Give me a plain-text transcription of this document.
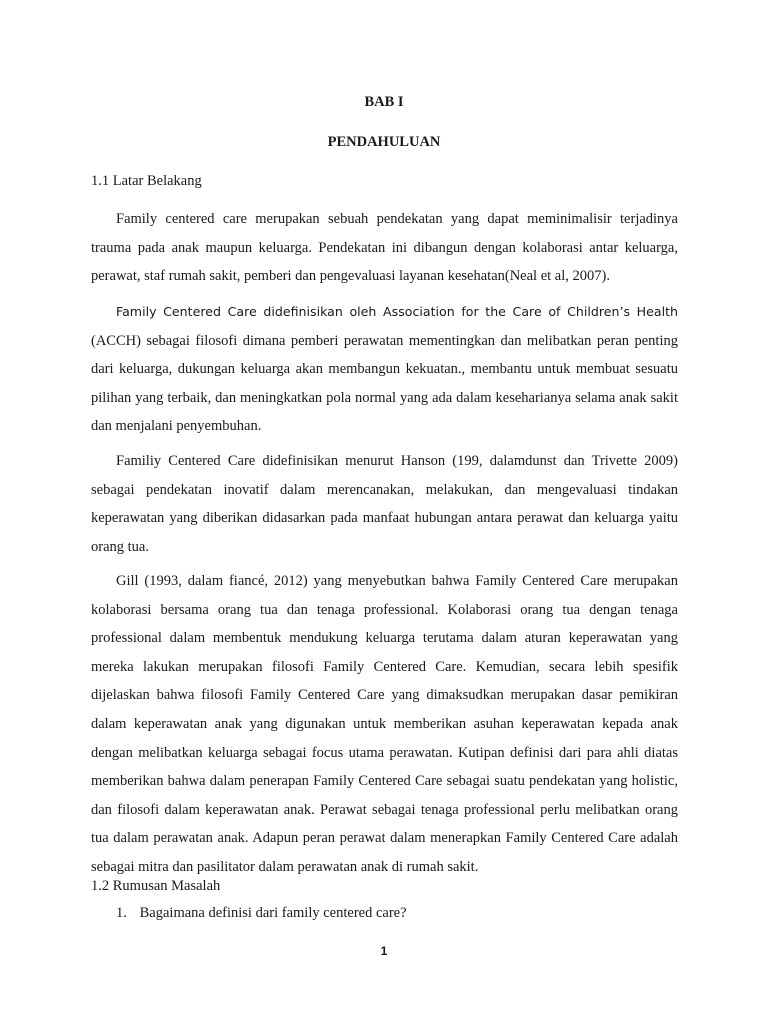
BAB I
PENDAHULUAN
1.1 Latar Belakang

Family centered care merupakan sebuah pendekatan yang dapat meminimalisir terjadinya trauma pada anak maupun keluarga. Pendekatan ini dibangun dengan kolaborasi antar keluarga, perawat, staf rumah sakit, pemberi dan pengevaluasi layanan kesehatan(Neal et al, 2007).

Family Centered Care didefinisikan oleh Association for the Care of Children’s Health (ACCH) sebagai filosofi dimana pemberi perawatan mementingkan dan melibatkan peran penting dari keluarga, dukungan keluarga akan membangun kekuatan., membantu untuk membuat sesuatu pilihan yang terbaik, dan meningkatkan pola normal yang ada dalam keseharianya selama anak sakit dan menjalani penyembuhan.

Familiy Centered Care didefinisikan menurut Hanson (199, dalamdunst dan Trivette 2009) sebagai pendekatan inovatif dalam merencanakan, melakukan, dan mengevaluasi tindakan keperawatan yang diberikan didasarkan pada manfaat hubungan antara perawat dan keluarga yaitu orang tua.

Gill (1993, dalam fiancé, 2012) yang menyebutkan bahwa Family Centered Care merupakan kolaborasi bersama orang tua dan tenaga professional. Kolaborasi orang tua dengan tenaga professional dalam membentuk mendukung keluarga terutama dalam aturan keperawatan yang mereka lakukan merupakan filosofi Family Centered Care. Kemudian, secara lebih spesifik dijelaskan bahwa filosofi Family Centered Care yang dimaksudkan merupakan dasar pemikiran dalam keperawatan anak yang digunakan untuk memberikan asuhan keperawatan kepada anak dengan melibatkan keluarga sebagai focus utama perawatan. Kutipan definisi dari para ahli diatas memberikan bahwa dalam penerapan Family Centered Care sebagai suatu pendekatan yang holistic, dan filosofi dalam keperawatan anak. Perawat sebagai tenaga professional perlu melibatkan orang tua dalam perawatan anak. Adapun peran perawat dalam menerapkan Family Centered Care adalah sebagai mitra dan pasilitator dalam perawatan anak di rumah sakit.

1.2 Rumusan Masalah
1. Bagaimana definisi dari family centered care?
1
